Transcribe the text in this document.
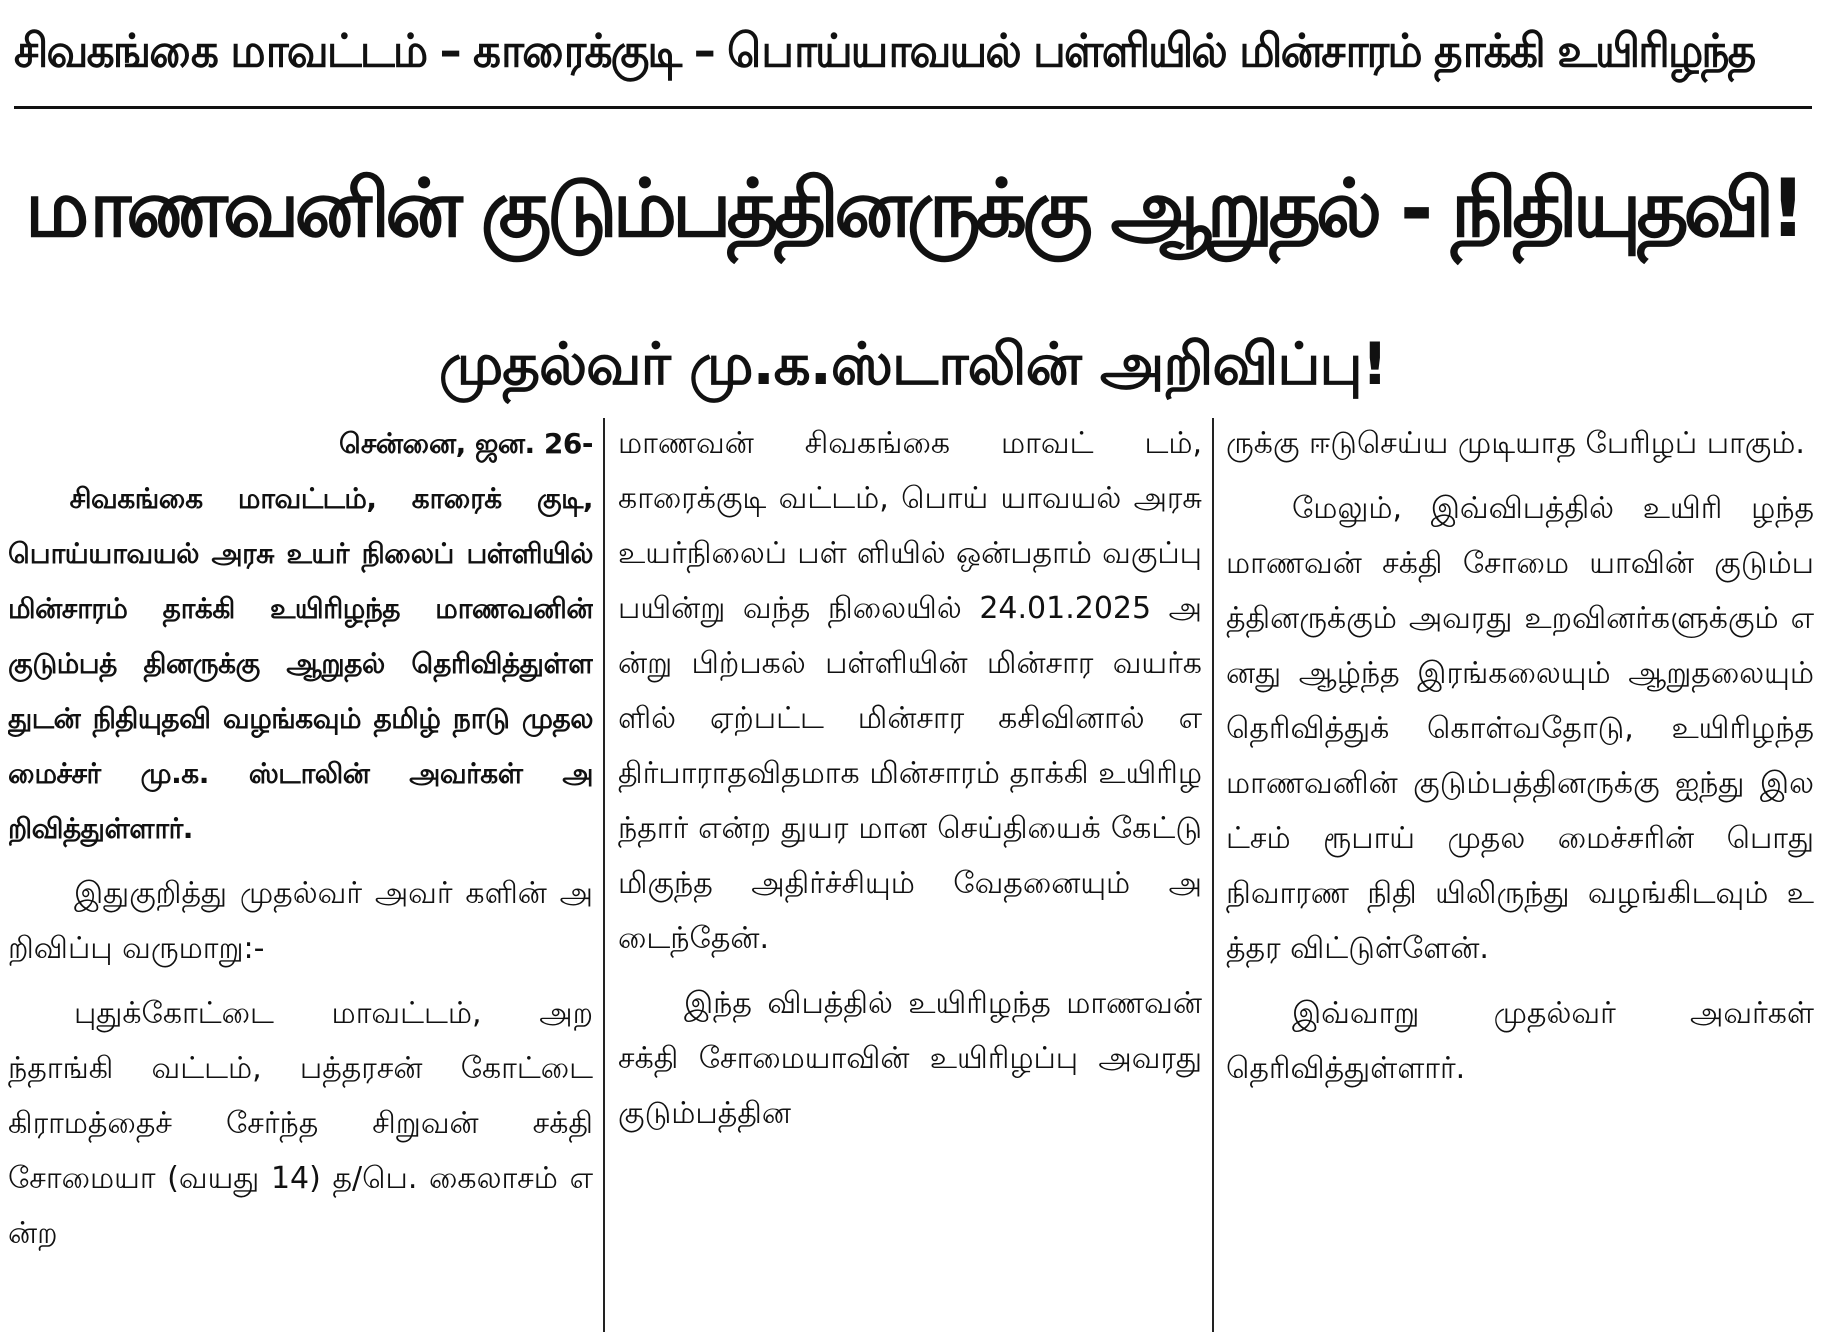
சிவகங்கை மாவட்டம் – காரைக்குடி – பொய்யாவயல் பள்ளியில் மின்சாரம் தாக்கி உயிரிழந்த
மாணவனின் குடும்பத்தினருக்கு ஆறுதல் - நிதியுதவி!
முதல்வர் மு.க.ஸ்டாலின் அறிவிப்பு!

சென்னை, ஜன. 26-
சிவகங்கை மாவட்டம், காரைக் குடி, பொய்யாவயல் அரசு உயர் நிலைப் பள்ளியில் மின்சாரம் தாக்கி உயிரிழந்த மாணவனின் குடும்பத் தினருக்கு ஆறுதல் தெரிவித்துள்ள துடன் நிதியுதவி வழங்கவும் தமிழ் நாடு முதலமைச்சர் மு.க. ஸ்டாலின் அவர்கள் அறிவித்துள்ளார்.

இதுகுறித்து முதல்வர் அவர் களின் அறிவிப்பு வருமாறு:-

புதுக்கோட்டை மாவட்டம், அறந்தாங்கி வட்டம், பத்தரசன் கோட்டை கிராமத்தைச் சேர்ந்த சிறுவன் சக்தி சோமையா (வயது 14) த/பெ. கைலாசம் என்ற

மாணவன் சிவகங்கை மாவட் டம், காரைக்குடி வட்டம், பொய் யாவயல் அரசு உயர்நிலைப் பள் ளியில் ஒன்பதாம் வகுப்பு பயின்று வந்த நிலையில் 24.01.2025 அன்று பிற்பகல் பள்ளியின் மின்சார வயர்களில் ஏற்பட்ட மின்சார கசிவினால் எதிர்பாராதவிதமாக மின்சாரம் தாக்கி உயிரிழந்தார் என்ற துயர மான செய்தியைக் கேட்டு மிகுந்த அதிர்ச்சியும் வேதனையும் அடைந்தேன்.

இந்த விபத்தில் உயிரிழந்த மாணவன் சக்தி சோமையாவின் உயிரிழப்பு அவரது குடும்பத்தின

ருக்கு ஈடுசெய்ய முடியாத பேரிழப் பாகும்.

மேலும், இவ்விபத்தில் உயிரி ழந்த மாணவன் சக்தி சோமை யாவின் குடும்பத்தினருக்கும் அவரது உறவினர்களுக்கும் எனது ஆழ்ந்த இரங்கலையும் ஆறுதலையும் தெரிவித்துக் கொள்வதோடு, உயிரிழந்த மாணவனின் குடும்பத்தினருக்கு ஐந்து இலட்சம் ரூபாய் முதல மைச்சரின் பொது நிவாரண நிதி யிலிருந்து வழங்கிடவும் உத்தர விட்டுள்ளேன்.

இவ்வாறு முதல்வர் அவர்கள் தெரிவித்துள்ளார்.
